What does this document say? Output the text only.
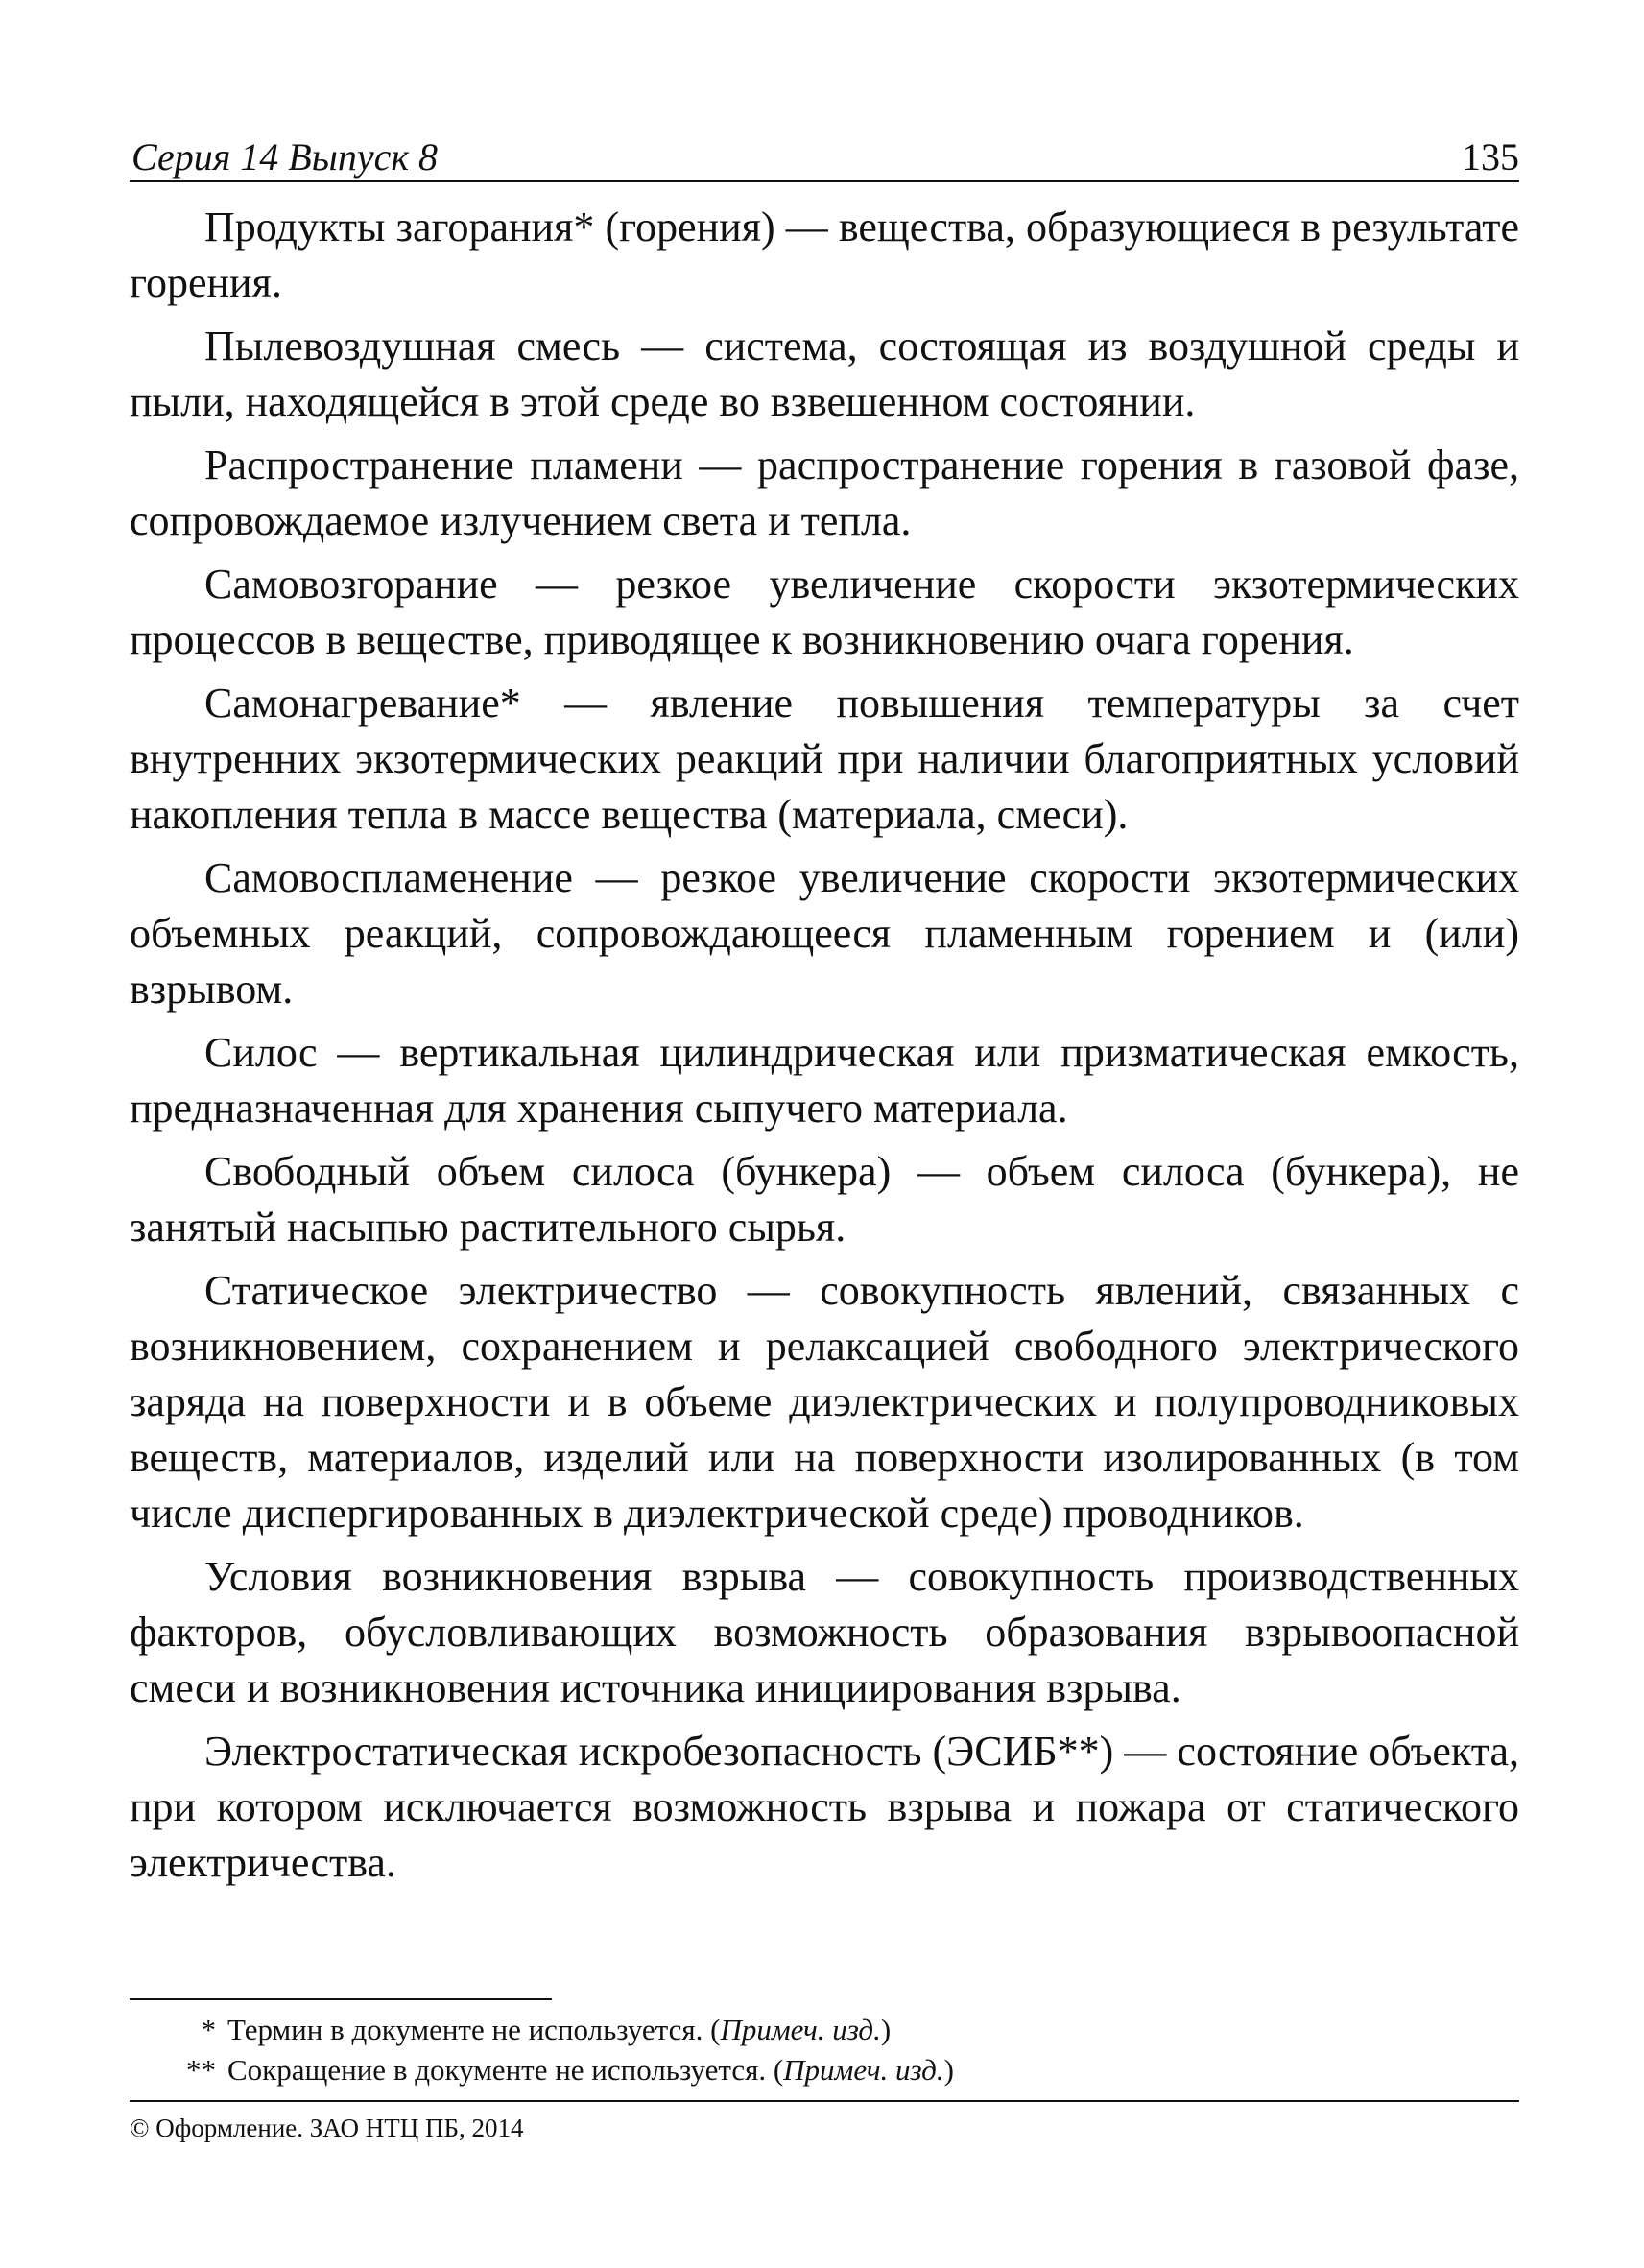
Серия 14 Выпуск 8	135

Продукты загорания* (горения) — вещества, образующиеся в результате горения.

Пылевоздушная смесь — система, состоящая из воздушной среды и пыли, находящейся в этой среде во взвешенном состоянии.

Распространение пламени — распространение горения в газовой фазе, сопровождаемое излучением света и тепла.

Самовозгорание — резкое увеличение скорости экзотермических процессов в веществе, приводящее к возникновению очага горения.

Самонагревание* — явление повышения температуры за счет внутренних экзотермических реакций при наличии благоприятных условий накопления тепла в массе вещества (материала, смеси).

Самовоспламенение — резкое увеличение скорости экзотермических объемных реакций, сопровождающееся пламенным горением и (или) взрывом.

Силос — вертикальная цилиндрическая или призматическая емкость, предназначенная для хранения сыпучего материала.

Свободный объем силоса (бункера) — объем силоса (бункера), не занятый насыпью растительного сырья.

Статическое электричество — совокупность явлений, связанных с возникновением, сохранением и релаксацией свободного электрического заряда на поверхности и в объеме диэлектрических и полупроводниковых веществ, материалов, изделий или на поверхности изолированных (в том числе диспергированных в диэлектрической среде) проводников.

Условия возникновения взрыва — совокупность производственных факторов, обусловливающих возможность образования взрывоопасной смеси и возникновения источника инициирования взрыва.

Электростатическая искробезопасность (ЭСИБ**) — состояние объекта, при котором исключается возможность взрыва и пожара от статического электричества.

* Термин в документе не используется. (Примеч. изд.)

** Сокращение в документе не используется. (Примеч. изд.)

© Оформление. ЗАО НТЦ ПБ, 2014
